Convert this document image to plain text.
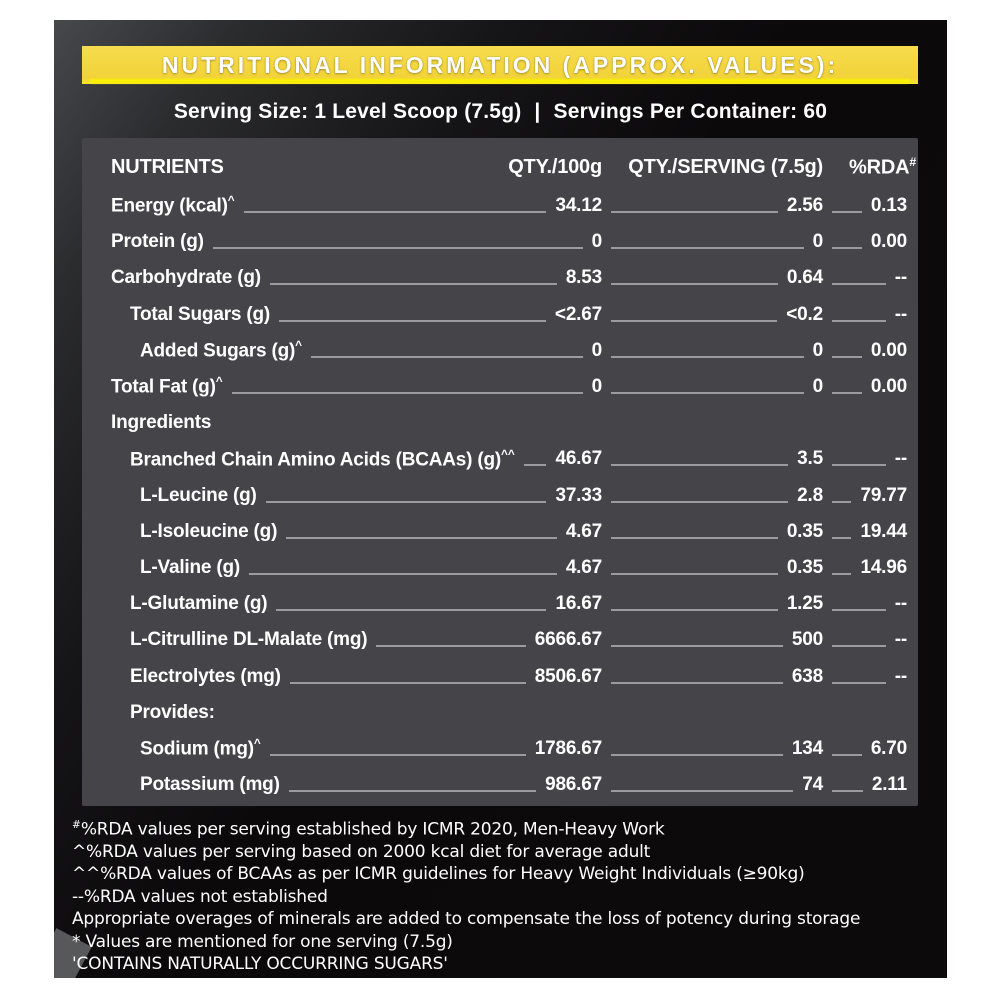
NUTRITIONAL INFORMATION (APPROX. VALUES):
Serving Size: 1 Level Scoop (7.5g) | Servings Per Container: 60
NUTRIENTS	QTY./100g QTY./SERVING (7.5g) %RDA#
Energy (kcal)^	34.12	2.56	0.13
Protein (g)	0	0	0.00
Carbohydrate (g)	8.53	0.64	--
Total Sugars (g)	<2.67	<0.2	--
Added Sugars (g)^	0	0	0.00
Total Fat (g)^	0	0	0.00
Ingredients
Branched Chain Amino Acids (BCAAs) (g)^^ 46.67	3.5	--
L-Leucine (g)	37.33	2.8 79.77
L-Isoleucine (g)	4.67	0.35 19.44
L-Valine (g)	4.67	0.35 14.96
L-Glutamine (g)	16.67	1.25	--
L-Citrulline DL-Malate (mg)	6666.67	500	--
Electrolytes (mg)	8506.67	638	--
Provides:
Sodium (mg)^	1786.67	134	6.70
Potassium (mg)	986.67	74	2.11
#%RDA values per serving established by ICMR 2020, Men-Heavy Work
^%RDA values per serving based on 2000 kcal diet for average adult
^^%RDA values of BCAAs as per ICMR guidelines for Heavy Weight Individuals (≥90kg)
--%RDA values not established
Appropriate overages of minerals are added to compensate the loss of potency during storage
* Values are mentioned for one serving (7.5g)
'CONTAINS NATURALLY OCCURRING SUGARS'
